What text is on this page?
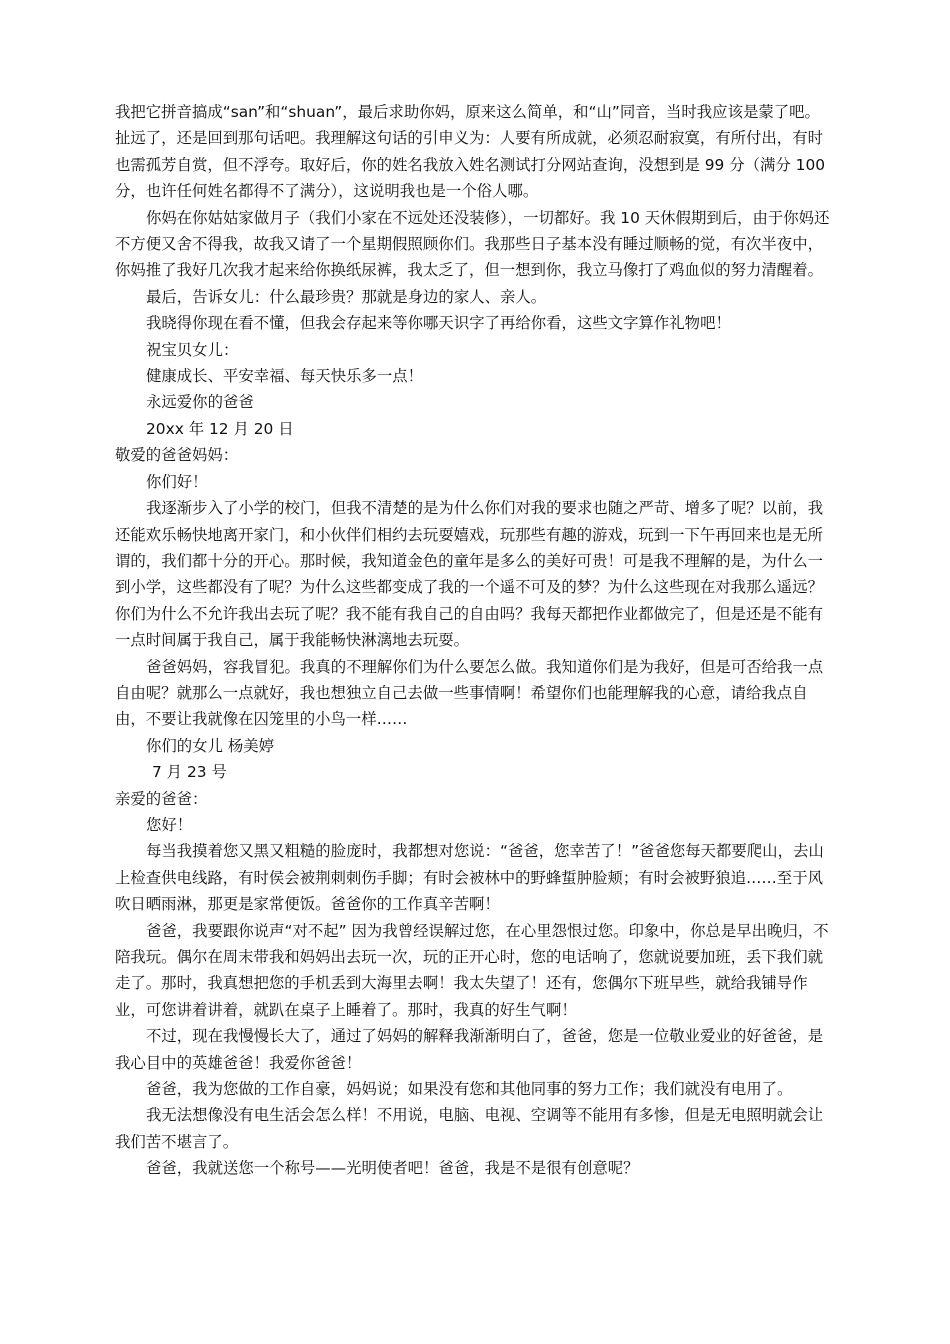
我把它拼音搞成“san”和“shuan”，最后求助你妈，原来这么简单，和“山”同音，当时我应该是蒙了吧。扯远了，还是回到那句话吧。我理解这句话的引申义为：人要有所成就，必须忍耐寂寞，有所付出，有时也需孤芳自赏，但不浮夸。取好后，你的姓名我放入姓名测试打分网站查询，没想到是 99 分（满分 100 分，也许任何姓名都得不了满分），这说明我也是一个俗人哪。

你妈在你姑姑家做月子（我们小家在不远处还没装修），一切都好。我 10 天休假期到后，由于你妈还不方便又舍不得我，故我又请了一个星期假照顾你们。我那些日子基本没有睡过顺畅的觉，有次半夜中，你妈推了我好几次我才起来给你换纸尿裤，我太乏了，但一想到你，我立马像打了鸡血似的努力清醒着。

最后，告诉女儿：什么最珍贵？那就是身边的家人、亲人。

我晓得你现在看不懂，但我会存起来等你哪天识字了再给你看，这些文字算作礼物吧！

祝宝贝女儿：

健康成长、平安幸福、每天快乐多一点！

永远爱你的爸爸

20xx 年 12 月 20 日

敬爱的爸爸妈妈：

你们好！

我逐渐步入了小学的校门，但我不清楚的是为什么你们对我的要求也随之严苛、增多了呢？以前，我还能欢乐畅快地离开家门，和小伙伴们相约去玩耍嬉戏，玩那些有趣的游戏，玩到一下午再回来也是无所谓的，我们都十分的开心。那时候，我知道金色的童年是多么的美好可贵！可是我不理解的是，为什么一到小学，这些都没有了呢？为什么这些都变成了我的一个遥不可及的梦？为什么这些现在对我那么遥远？你们为什么不允许我出去玩了呢？我不能有我自己的自由吗？我每天都把作业都做完了，但是还是不能有一点时间属于我自己，属于我能畅快淋漓地去玩耍。

爸爸妈妈，容我冒犯。我真的不理解你们为什么要怎么做。我知道你们是为我好，但是可否给我一点自由呢？就那么一点就好，我也想独立自己去做一些事情啊！希望你们也能理解我的心意，请给我点自由，不要让我就像在囚笼里的小鸟一样……

你们的女儿 杨美婷

7 月 23 号

亲爱的爸爸：

您好！

每当我摸着您又黑又粗糙的脸庞时，我都想对您说：“爸爸，您幸苦了！”爸爸您每天都要爬山，去山上检查供电线路，有时侯会被荆刺刺伤手脚；有时会被林中的野蜂蜇肿脸颊；有时会被野狼追……至于风吹日晒雨淋，那更是家常便饭。爸爸你的工作真辛苦啊！

爸爸，我要跟你说声“对不起” 因为我曾经误解过您，在心里怨恨过您。印象中，你总是早出晚归，不陪我玩。偶尔在周末带我和妈妈出去玩一次，玩的正开心时，您的电话响了，您就说要加班，丢下我们就走了。那时，我真想把您的手机丢到大海里去啊！我太失望了！还有，您偶尔下班早些，就给我铺导作业，可您讲着讲着，就趴在桌子上睡着了。那时，我真的好生气啊！

不过，现在我慢慢长大了，通过了妈妈的解释我渐渐明白了，爸爸，您是一位敬业爱业的好爸爸，是我心目中的英雄爸爸！我爱你爸爸！

爸爸，我为您做的工作自豪，妈妈说；如果没有您和其他同事的努力工作；我们就没有电用了。

我无法想像没有电生活会怎么样！不用说，电脑、电视、空调等不能用有多惨，但是无电照明就会让我们苦不堪言了。

爸爸，我就送您一个称号——光明使者吧！爸爸，我是不是很有创意呢？
